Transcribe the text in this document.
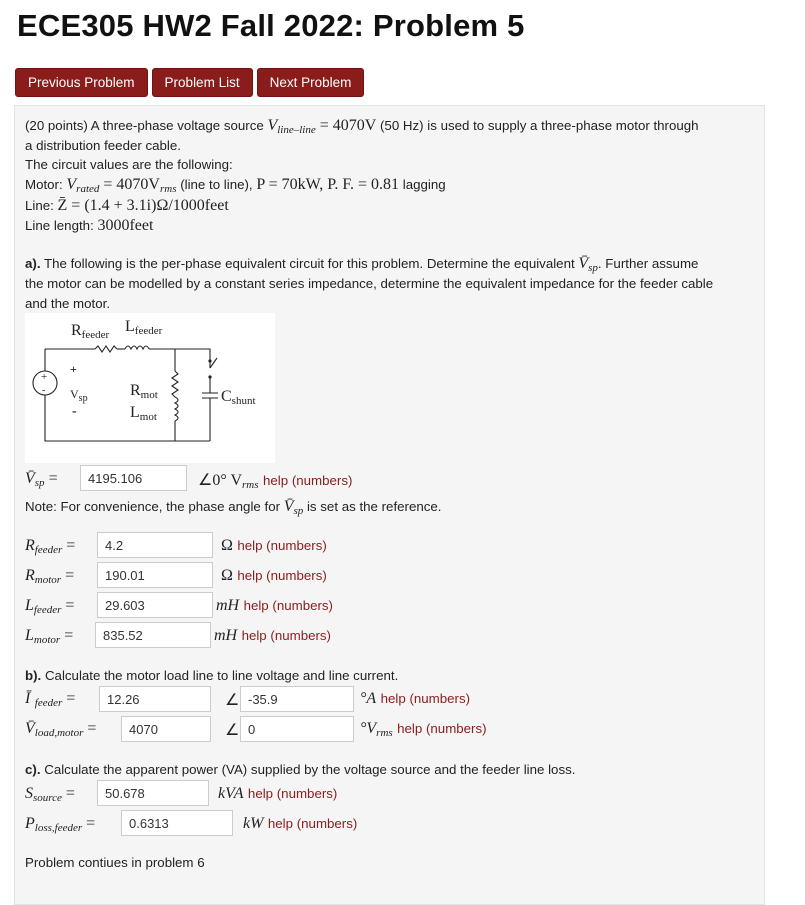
ECE305 HW2 Fall 2022: Problem 5
Previous Problem	Problem List	Next Problem
(20 points) A three-phase voltage source $V_{line-line} = 4070V$ (50 Hz) is used to supply a three-phase motor through
a distribution feeder cable.
The circuit values are the following:
Motor: $V_{rated} = 4070V_{rms}$ (line to line), P = 70kW, P. F. = 0.81 lagging
Line: Z̄ = (1.4 + 3.1i)Ω/1000feet
Line length: 3000feet
a). The following is the per-phase equivalent circuit for this problem. Determine the equivalent $V̄_{sp}$. Further assume
the motor can be modelled by a constant series impedance, determine the equivalent impedance for the feeder cable
and the motor.
Rfeeder Lfeeder
+
-
+
$V_{sp}$
-
Rmot
Lmot
Cshunt
$V̄_{sp}$ =
4195.106	∠0° $V_{rms}$ help (numbers)
Note: For convenience, the phase angle for $V̄_{sp}$ is set as the reference.
$R_{feeder}$ =
4.2	Ω help (numbers)
$R_{motor}$ =
190.01	Ω help (numbers)
$L_{feeder}$ =
29.603	mH help (numbers)
$L_{motor}$ =
835.52	mH help (numbers)
b). Calculate the motor load line to line voltage and line current.
Ī $_{feeder}$ =
12.26	∠
-35.9	°A help (numbers)
$V̄_{load,motor}$ =
4070	∠
0	$^\circ V_{rms}$ help (numbers)
c). Calculate the apparent power (VA) supplied by the voltage source and the feeder line loss.
$S_{source}$ =
50.678	kVA help (numbers)
$P_{loss,feeder}$ =
0.6313	kW help (numbers)
Problem contiues in problem 6
